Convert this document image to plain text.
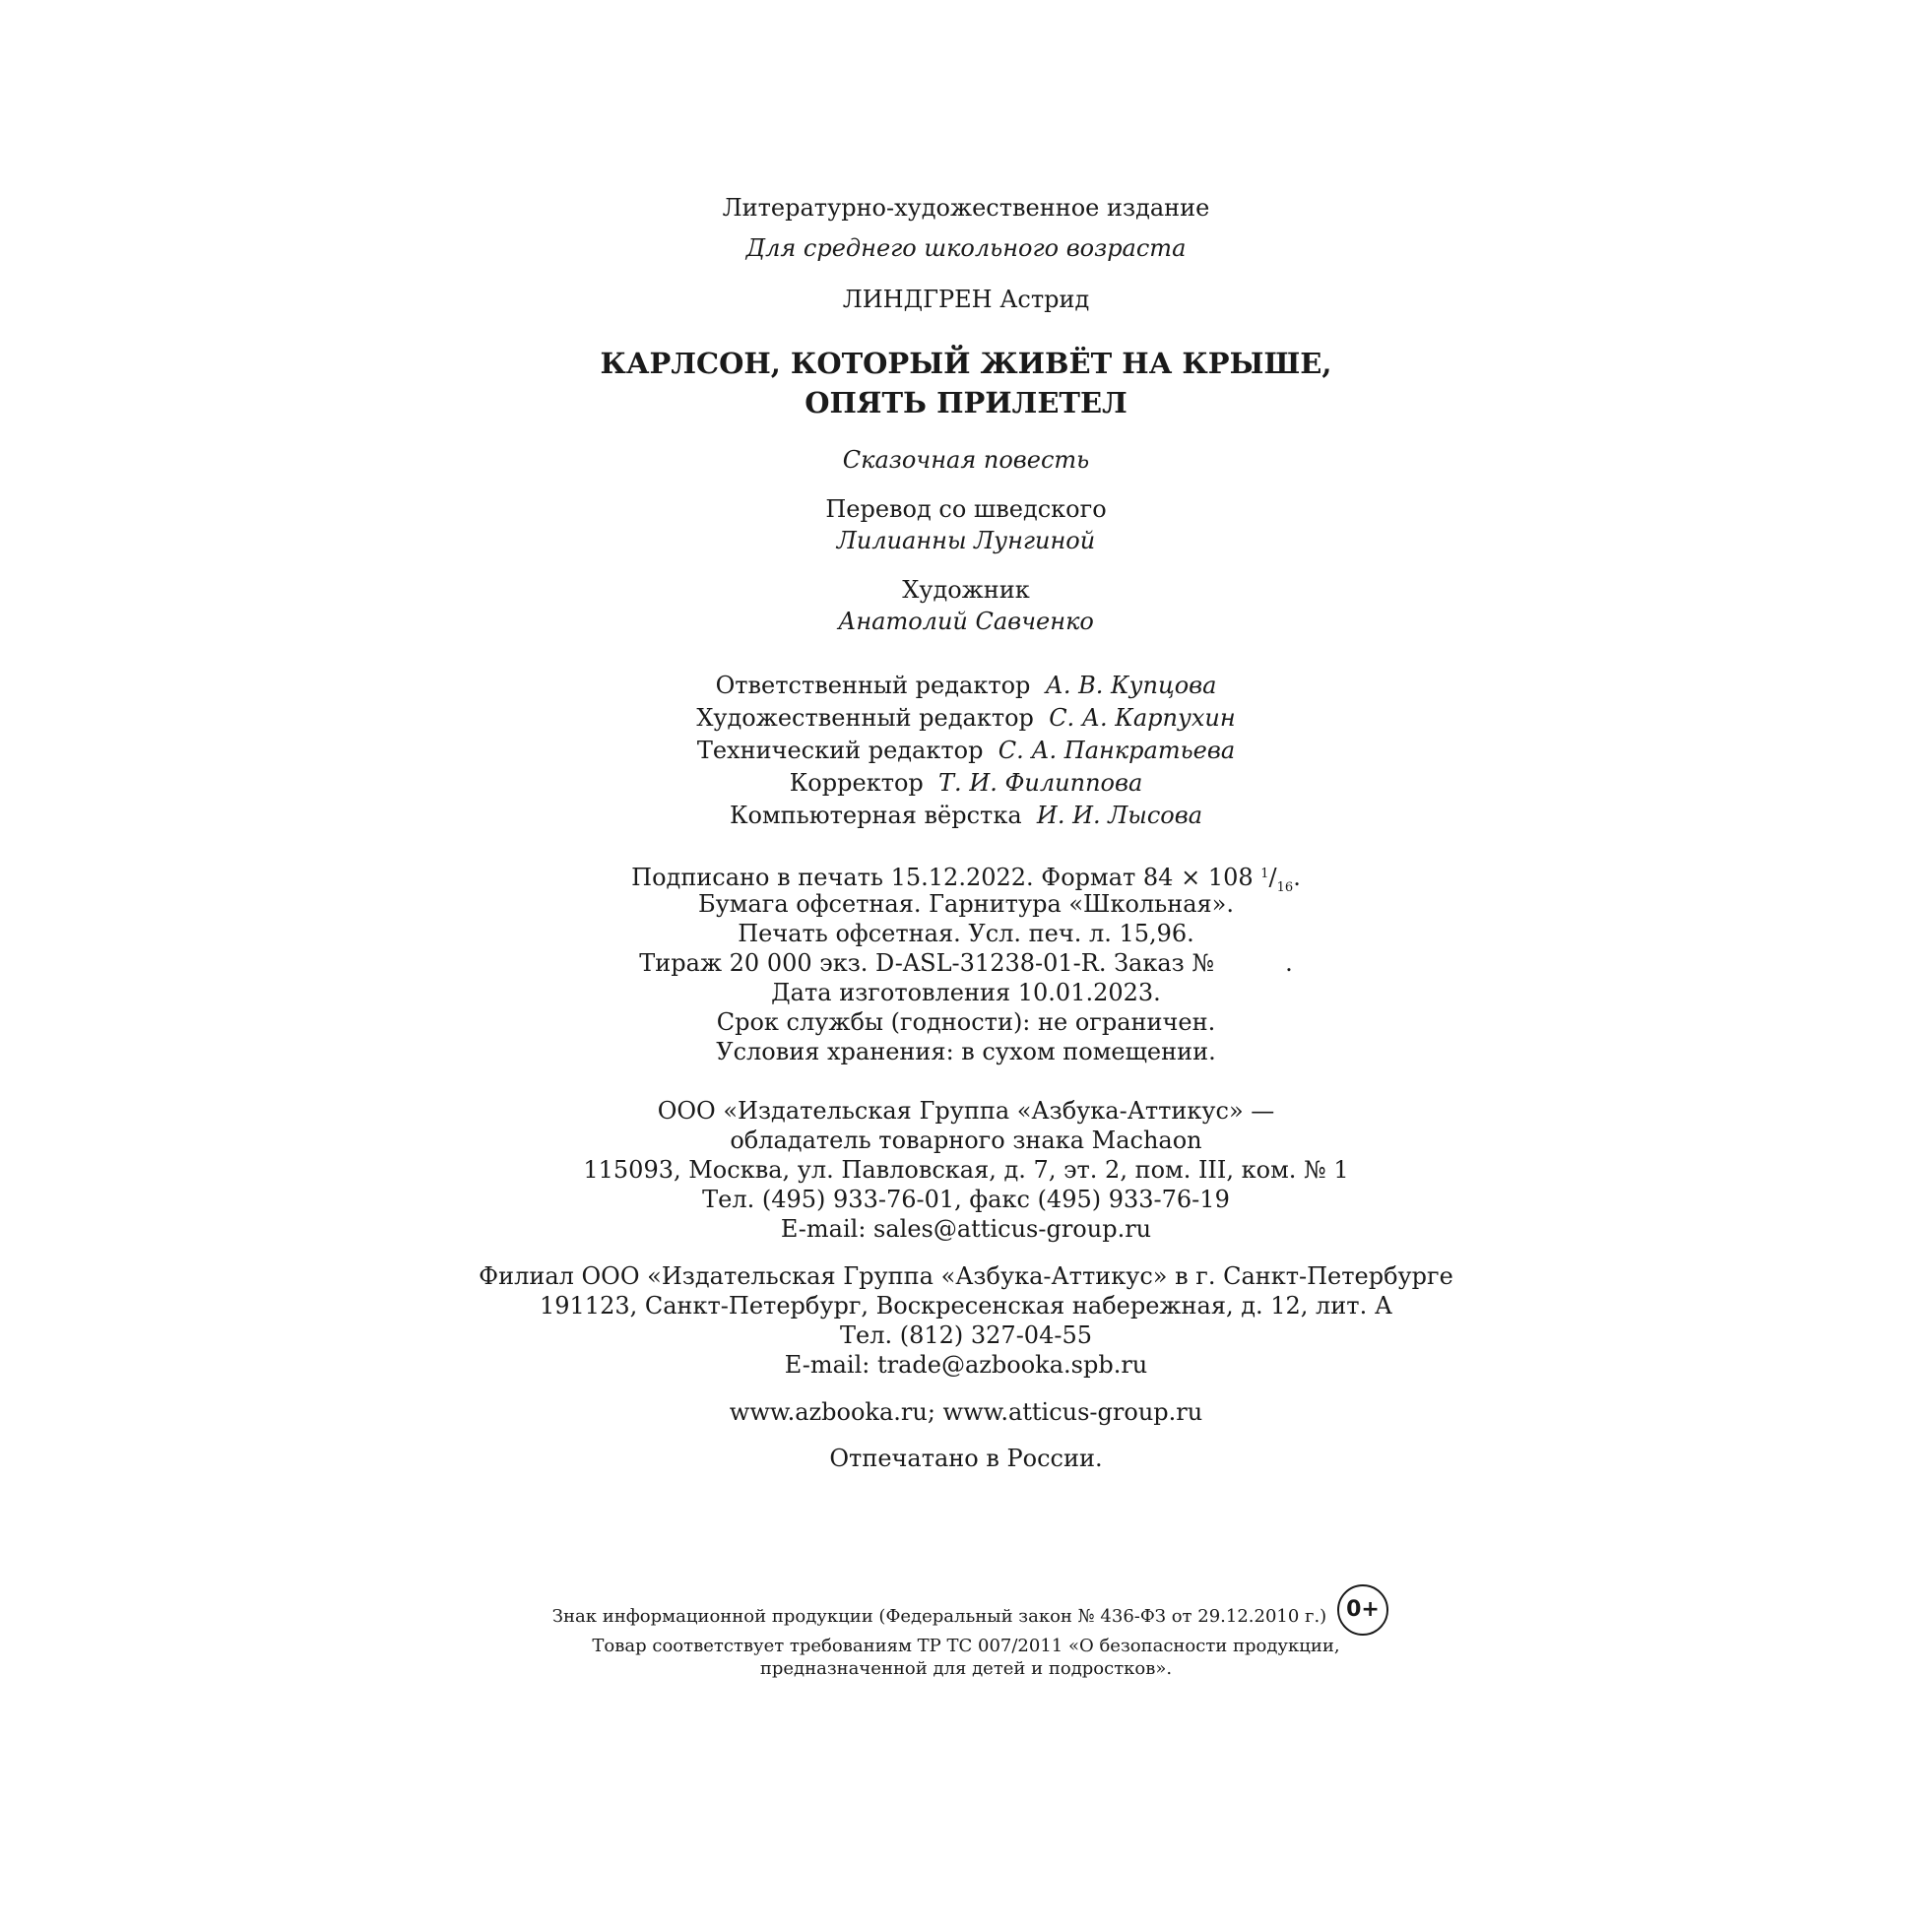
Литературно-художественное издание
Для среднего школьного возраста
ЛИНДГРЕН Астрид
КАРЛСОН, КОТОРЫЙ ЖИВЁТ НА КРЫШЕ,
ОПЯТЬ ПРИЛЕТЕЛ
Сказочная повесть
Перевод со шведского
Лилианны Лунгиной
Художник
Анатолий Савченко
Ответственный редактор А. В. Купцова
Художественный редактор С. А. Карпухин
Технический редактор С. А. Панкратьева
Корректор Т. И. Филиппова
Компьютерная вёрстка И. И. Лысова
Подписано в печать 15.12.2022. Формат 84 × 108 $^1/_{16}$.
Бумага офсетная. Гарнитура «Школьная».
Печать офсетная. Усл. печ. л. 15,96.
Тираж 20 000 экз. D-ASL-31238-01-R. Заказ №	.
Дата изготовления 10.01.2023.
Срок службы (годности): не ограничен.
Условия хранения: в сухом помещении.
ООО «Издательская Группа «Азбука-Аттикус» —
обладатель товарного знака Machaon
115093, Москва, ул. Павловская, д. 7, эт. 2, пом. III, ком. № 1
Тел. (495) 933-76-01, факс (495) 933-76-19
E-mail: sales@atticus-group.ru
Филиал ООО «Издательская Группа «Азбука-Аттикус» в г. Санкт-Петербурге
191123, Санкт-Петербург, Воскресенская набережная, д. 12, лит. А
Тел. (812) 327-04-55
E-mail: trade@azbooka.spb.ru
www.azbooka.ru; www.atticus-group.ru
Отпечатано в России.
Знак информационной продукции (Федеральный закон № 436-ФЗ от 29.12.2010 г.) 0+
Товар соответствует требованиям ТР ТС 007/2011 «О безопасности продукции,
предназначенной для детей и подростков».
